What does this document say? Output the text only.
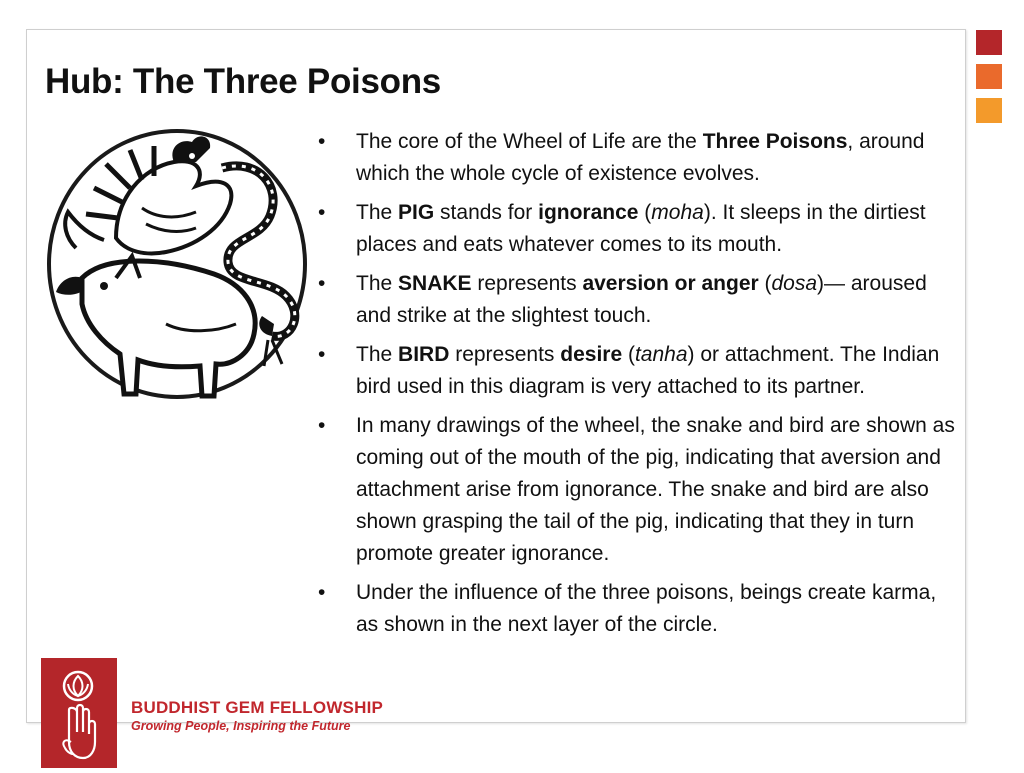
Hub: The Three Poisons
• The core of the Wheel of Life are the Three Poisons, around which the whole cycle of existence evolves.
• The PIG stands for ignorance (moha). It sleeps in the dirtiest places and eats whatever comes to its mouth.
• The SNAKE represents aversion or anger (dosa)— aroused and strike at the slightest touch.
• The BIRD represents desire (tanha) or attachment. The Indian bird used in this diagram is very attached to its partner.
• In many drawings of the wheel, the snake and bird are shown as coming out of the mouth of the pig, indicating that aversion and attachment arise from ignorance. The snake and bird are also shown grasping the tail of the pig, indicating that they in turn promote greater ignorance.
• Under the influence of the three poisons, beings create karma, as shown in the next layer of the circle.
BUDDHIST GEM FELLOWSHIP
Growing People, Inspiring the Future
